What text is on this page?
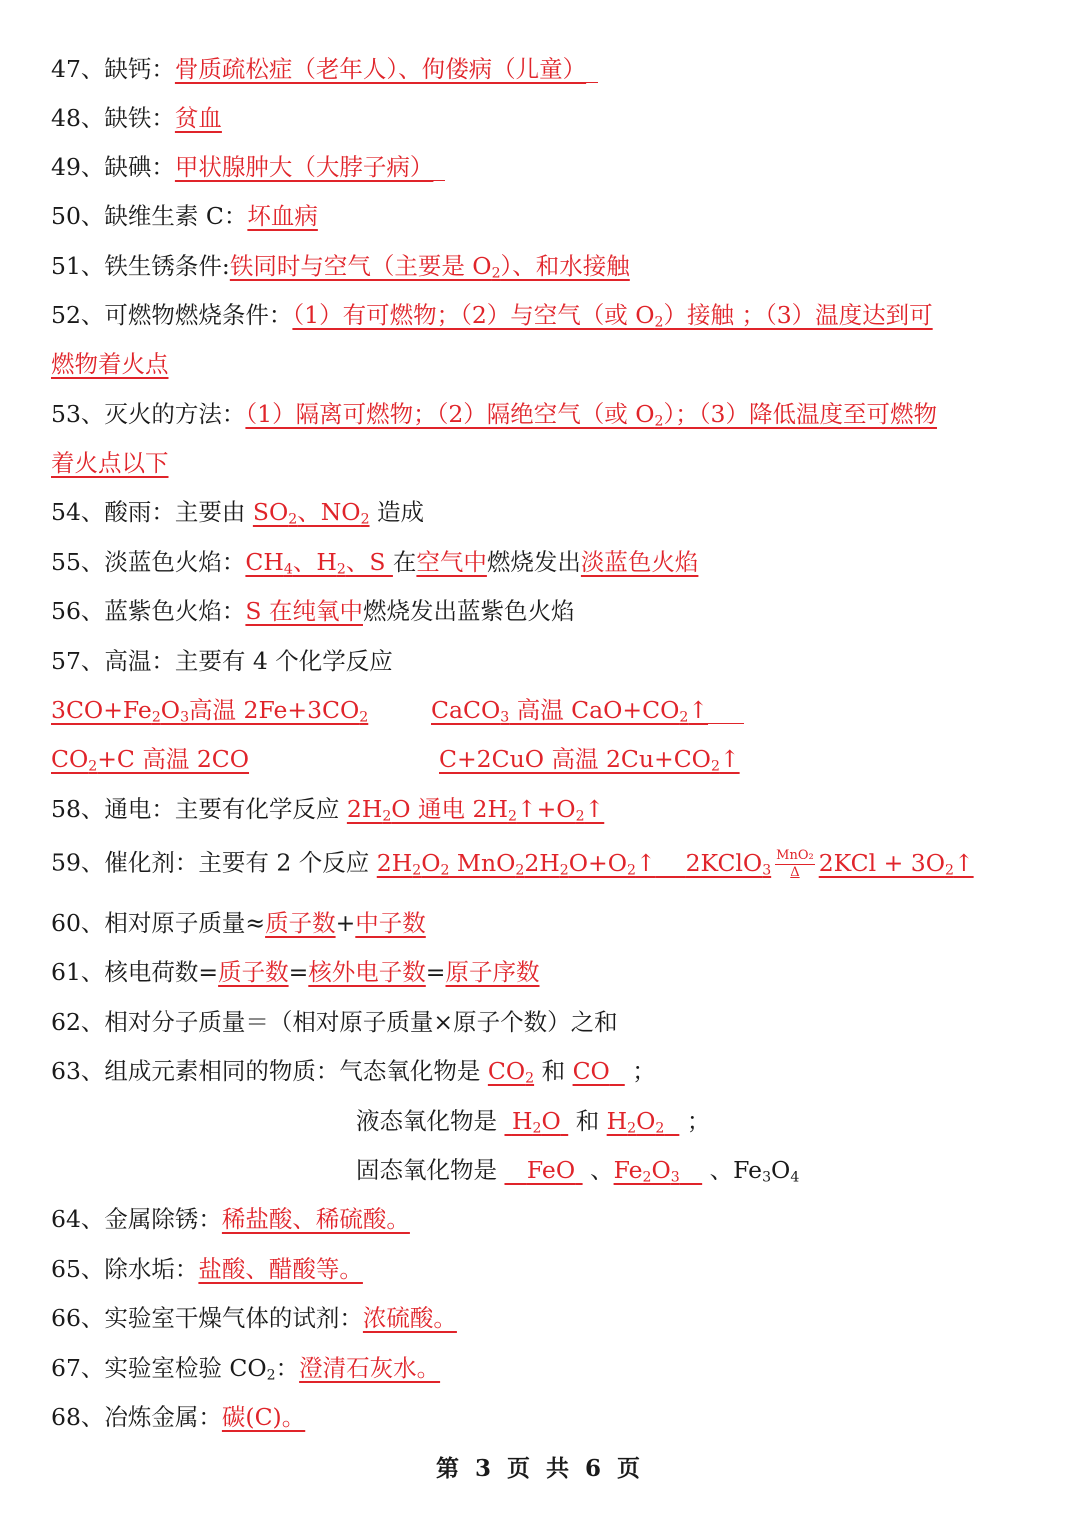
47、缺钙：骨质疏松症（老年人）、佝偻病（儿童）
48、缺铁：贫血
49、缺碘：甲状腺肿大（大脖子病）
50、缺维生素 C：坏血病
51、铁生锈条件:铁同时与空气（主要是 $O_2$）、和水接触
52、可燃物燃烧条件：（1）有可燃物；（2）与空气（或 $O_2$）接触 ；（3）温度达到可
燃物着火点
53、灭火的方法：（1）隔离可燃物；（2）隔绝空气（或 $O_2$）；（3）降低温度至可燃物
着火点以下
54、酸雨：主要由 $SO_2$、$NO_2$ 造成
55、淡蓝色火焰：$CH_4$、$H_2$、S 在空气中燃烧发出淡蓝色火焰
56、蓝紫色火焰：S 在纯氧中燃烧发出蓝紫色火焰
57、高温：主要有 4 个化学反应
$3CO+Fe_2O_3$高温 $2Fe+3CO_2$	CaCO$_3$ 高温 $CaO+CO_2↑$
$CO_2+C$ 高温 2CO	C+2CuO 高温 $2Cu+CO_2↑$
58、通电：主要有化学反应 $2H_2O$ 通电 $2H_2↑+O_2↑$
59、催化剂：主要有 2 个反应 $2H_2O_2$ $MnO_22H_2O+O_2↑$ 2KClO$_3$ $\frac{\text{MnO₂}}{\Delta} 2KCl$ + $3O_2↑$
60、相对原子质量≈质子数+中子数
61、核电荷数=质子数=核外电子数=原子序数
62、相对分子质量＝（相对原子质量×原子个数）之和
63、组成元素相同的物质：气态氧化物是 $CO_2$ 和 CO ；
液态氧化物是  $H_2O$ 和 $H_2O_2$ ；
固态氧化物是    FeO 、$Fe_2O_3$ 、$Fe_3O_4$
64、金属除锈：稀盐酸、稀硫酸。
65、除水垢：盐酸、醋酸等。
66、实验室干燥气体的试剂：浓硫酸。
67、实验室检验 $CO_2$：澄清石灰水。
68、冶炼金属：碳(C)。
第 3 页 共 6 页
